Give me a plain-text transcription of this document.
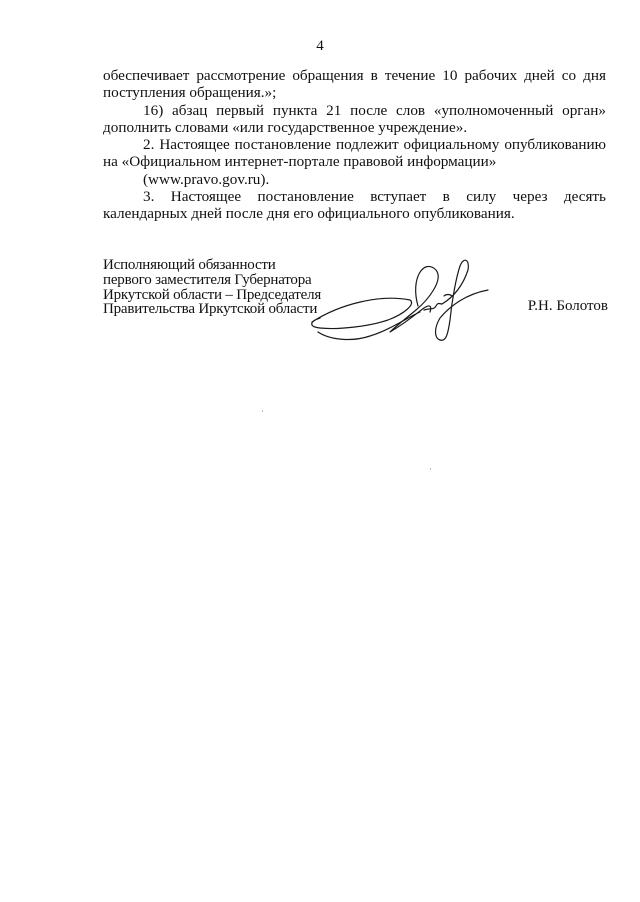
4

обеспечивает рассмотрение обращения в течение 10 рабочих дней со дня поступления обращения.»;

16) абзац первый пункта 21 после слов «уполномоченный орган» дополнить словами «или государственное учреждение».

2. Настоящее постановление подлежит официальному опубликованию на «Официальном интернет-портале правовой информации»
(www.pravo.gov.ru).

3. Настоящее постановление вступает в силу через десять календарных дней после дня его официального опубликования.

Исполняющий обязанности
первого заместителя Губернатора
Иркутской области – Председателя
Правительства Иркутской области	Р.Н. Болотов
